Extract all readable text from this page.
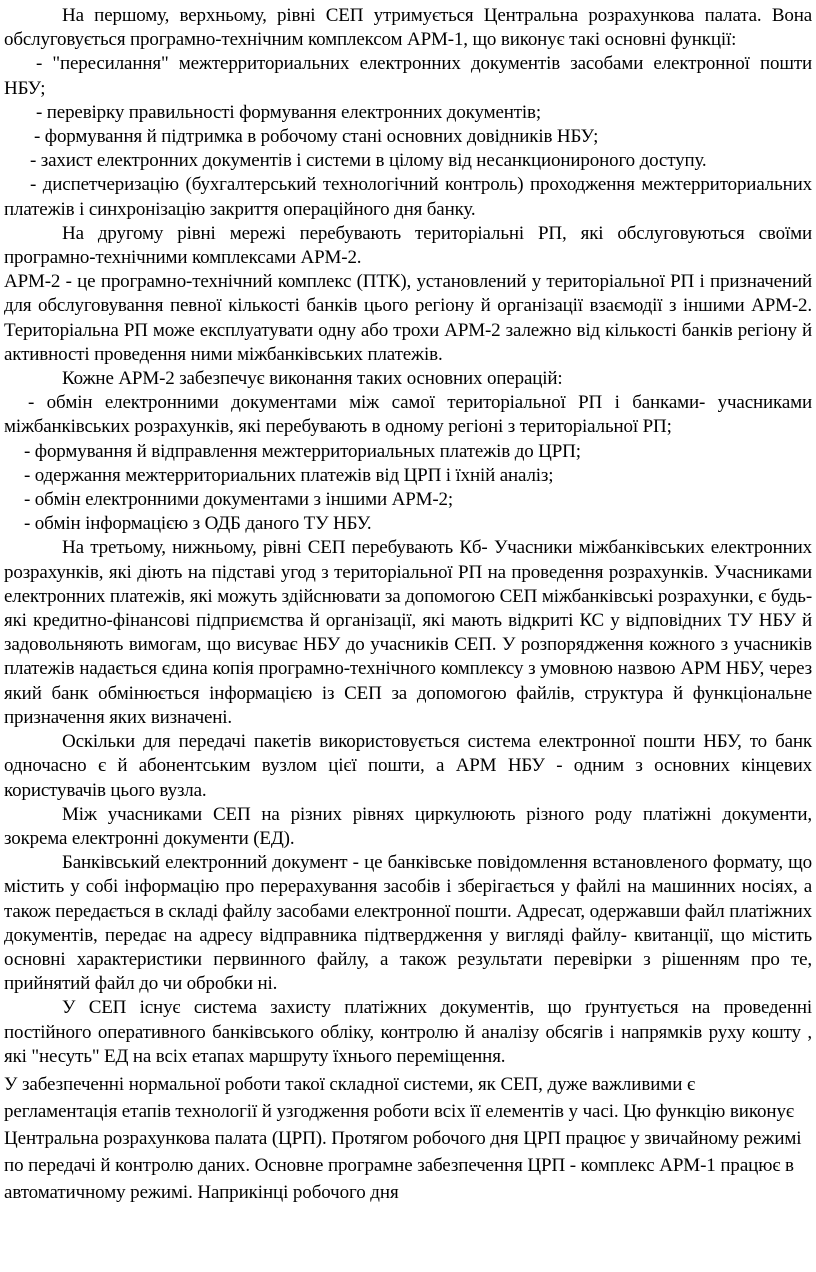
На першому, верхньому, рівні СЕП утримується Центральна розрахункова палата. Вона обслуговується програмно-технічним комплексом АРМ-1, що виконує такі основні функції:

- "пересилання" межтерриториальних електронних документів засобами електронної пошти НБУ;

- перевірку правильності формування електронних документів;

- формування й підтримка в робочому стані основних довідників НБУ;

- захист електронних документів і системи в цілому від несанкционироного доступу.

- диспетчеризацію (бухгалтерський технологічний контроль) проходження межтерриториальних платежів і синхронізацію закриття операційного дня банку.

На другому рівні мережі перебувають територіальні РП, які обслуговуються своїми програмно-технічними комплексами АРМ-2.

АРМ-2 - це програмно-технічний комплекс (ПТК), установлений у територіальної РП і призначений для обслуговування певної кількості банків цього регіону й організації взаємодії з іншими АРМ-2. Територіальна РП може експлуатувати одну або трохи АРМ-2 залежно від кількості банків регіону й активності проведення ними міжбанківських платежів.

Кожне АРМ-2 забезпечує виконання таких основних операцій:

- обмін електронними документами між самої територіальної РП і банками- учасниками міжбанківських розрахунків, які перебувають в одному регіоні з територіальної РП;

- формування й відправлення межтерриториальных платежів до ЦРП;

- одержання межтерриториальних платежів від ЦРП і їхній аналіз;

- обмін електронними документами з іншими АРМ-2;

- обмін інформацією з ОДБ даного ТУ НБУ.

На третьому, нижньому, рівні СЕП перебувають Кб- Учасники міжбанківських електронних розрахунків, які діють на підставі угод з територіальної РП на проведення розрахунків. Учасниками електронних платежів, які можуть здійснювати за допомогою СЕП міжбанківські розрахунки, є будь-які кредитно-фінансові підприємства й організації, які мають відкриті КС у відповідних ТУ НБУ й задовольняють вимогам, що висуває НБУ до учасників СЕП. У розпорядження кожного з учасників платежів надається єдина копія програмно-технічного комплексу з умовною назвою АРМ НБУ, через який банк обмінюється інформацією із СЕП за допомогою файлів, структура й функціональне призначення яких визначені.

Оскільки для передачі пакетів використовується система електронної пошти НБУ, то банк одночасно є й абонентським вузлом цієї пошти, а АРМ НБУ - одним з основних кінцевих користувачів цього вузла.

Між учасниками СЕП на різних рівнях циркулюють різного роду платіжні документи, зокрема електронні документи (ЕД).

Банківський електронний документ - це банківське повідомлення встановленого формату, що містить у собі інформацію про перерахування засобів і зберігається у файлі на машинних носіях, а також передається в складі файлу засобами електронної пошти. Адресат, одержавши файл платіжних документів, передає на адресу відправника підтвердження у вигляді файлу- квитанції, що містить основні характеристики первинного файлу, а також результати перевірки з рішенням про те, прийнятий файл до чи обробки ні.

У СЕП існує система захисту платіжних документів, що ґрунтується на проведенні постійного оперативного банківського обліку, контролю й аналізу обсягів і напрямків руху кошту , які "несуть" ЕД на всіх етапах маршруту їхнього переміщення.

У забезпеченні нормальної роботи такої складної системи, як СЕП, дуже важливими є регламентація етапів технології й узгодження роботи всіх її елементів у часі. Цю функцію виконує Центральна розрахункова палата (ЦРП). Протягом робочого дня ЦРП працює у звичайному режимі по передачі й контролю даних. Основне програмне забезпечення ЦРП - комплекс АРМ-1 працює в автоматичному режимі. Наприкінці робочого дня
